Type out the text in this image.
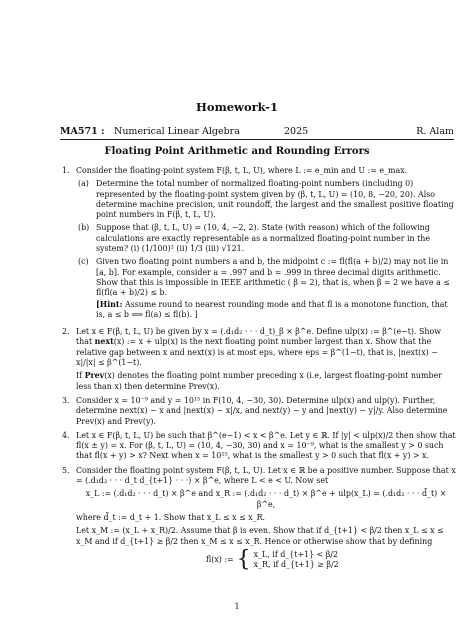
Homework-1
MA571 : Numerical Linear Algebra	2025	R. Alam
Floating Point Arithmetic and Rounding Errors
1. Consider the floating-point system F(β, t, L, U), where L := e_min and U := e_max.
(a) Determine the total number of normalized floating-point numbers (including 0) represented by the floating-point system given by (β, t, L, U) = (10, 8, −20, 20). Also determine machine precision, unit roundoff, the largest and the smallest positive floating point numbers in F(β, t, L, U).
(b) Suppose that (β, t, L, U) = (10, 4, −2, 2). State (with reason) which of the following calculations are exactly representable as a normalized floating-point number in the system? (i) (1/100)² (ii) 1/3 (iii) √121.
(c) Given two floating point numbers a and b, the midpoint c := fl(fl(a + b)/2) may not lie in [a, b]. For example, consider a = .997 and b = .999 in three decimal digits arithmetic. Show that this is impossible in IEEE arithmetic ( β = 2), that is, when β = 2 we have a ≤ fl(fl(a + b)/2) ≤ b.
[Hint: Assume round to nearest rounding mode and that fl is a monotone function, that is, a ≤ b ⟹ fl(a) ≤ fl(b). ]
2. Let x ∈ F(β, t, L, U) be given by x = (.d₁d₂ · · · d_t)_β × β^e. Define ulp(x) := β^(e−t). Show that next(x) := x + ulp(x) is the next floating point number largest than x. Show that the relative gap between x and next(x) is at most eps, where eps = β^(1−t), that is, |next(x) − x|/|x| ≤ β^(1−t).
If Prev(x) denotes the floating point number preceding x (i.e, largest floating-point number less than x) then determine Prev(x).
3. Consider x = 10⁻⁹ and y = 10¹⁵ in F(10, 4, −30, 30). Determine ulp(x) and ulp(y). Further, determine next(x) − x and |next(x) − x|/x, and next(y) − y and |next(y) − y|/y. Also determine Prev(x) and Prev(y).
4. Let x ∈ F(β, t, L, U) be such that β^(e−1) < x < β^e. Let y ∈ ℝ. If |y| < ulp(x)/2 then show that fl(x ± y) = x. For (β, t, L, U) = (10, 4, −30, 30) and x = 10⁻⁹, what is the smallest y > 0 such that fl(x + y) > x? Next when x = 10¹⁵, what is the smallest y > 0 such that fl(x + y) > x.
5. Consider the floating point system F(β, t, L, U). Let x ∈ ℝ be a positive number. Suppose that x = (.d₁d₂ · · · d_t d_{t+1} · · ·) × β^e, where L < e < U. Now set
x_L := (.d₁d₂ · · · d_t) × β^e and x_R := (.d₁d₂ · · · d_t) × β^e + ulp(x_L) = (.d₁d₂ · · · d̃_t) × β^e,
where d̃_t := d_t + 1. Show that x_L ≤ x ≤ x_R.
Let x_M := (x_L + x_R)/2. Assume that β is even. Show that if d_{t+1} < β/2 then x_L ≤ x ≤ x_M and if d_{t+1} ≥ β/2 then x_M ≤ x ≤ x_R. Hence or otherwise show that by defining
fl(x) := { x_L, if d_{t+1} < β/2
x_R, if d_{t+1} ≥ β/2
1
